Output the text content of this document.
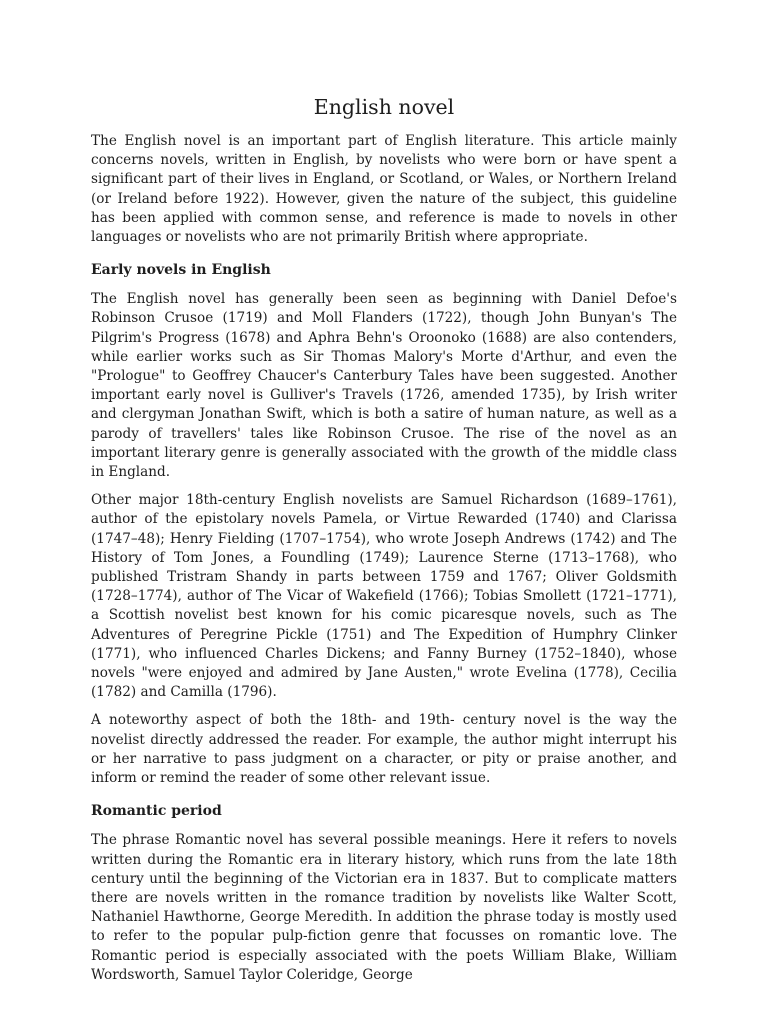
English novel

The English novel is an important part of English literature. This article mainly concerns novels, written in English, by novelists who were born or have spent a significant part of their lives in England, or Scotland, or Wales, or Northern Ireland (or Ireland before 1922). However, given the nature of the subject, this guideline has been applied with common sense, and reference is made to novels in other languages or novelists who are not primarily British where appropriate.

Early novels in English

The English novel has generally been seen as beginning with Daniel Defoe's Robinson Crusoe (1719) and Moll Flanders (1722), though John Bunyan's The Pilgrim's Progress (1678) and Aphra Behn's Oroonoko (1688) are also contenders, while earlier works such as Sir Thomas Malory's Morte d'Arthur, and even the "Prologue" to Geoffrey Chaucer's Canterbury Tales have been suggested. Another important early novel is Gulliver's Travels (1726, amended 1735), by Irish writer and clergyman Jonathan Swift, which is both a satire of human nature, as well as a parody of travellers' tales like Robinson Crusoe. The rise of the novel as an important literary genre is generally associated with the growth of the middle class in England.

Other major 18th-century English novelists are Samuel Richardson (1689–1761), author of the epistolary novels Pamela, or Virtue Rewarded (1740) and Clarissa (1747–48); Henry Fielding (1707–1754), who wrote Joseph Andrews (1742) and The History of Tom Jones, a Foundling (1749); Laurence Sterne (1713–1768), who published Tristram Shandy in parts between 1759 and 1767; Oliver Goldsmith (1728–1774), author of The Vicar of Wakefield (1766); Tobias Smollett (1721–1771), a Scottish novelist best known for his comic picaresque novels, such as The Adventures of Peregrine Pickle (1751) and The Expedition of Humphry Clinker (1771), who influenced Charles Dickens; and Fanny Burney (1752–1840), whose novels "were enjoyed and admired by Jane Austen," wrote Evelina (1778), Cecilia (1782) and Camilla (1796).

A noteworthy aspect of both the 18th- and 19th- century novel is the way the novelist directly addressed the reader. For example, the author might interrupt his or her narrative to pass judgment on a character, or pity or praise another, and inform or remind the reader of some other relevant issue.

Romantic period

The phrase Romantic novel has several possible meanings. Here it refers to novels written during the Romantic era in literary history, which runs from the late 18th century until the beginning of the Victorian era in 1837. But to complicate matters there are novels written in the romance tradition by novelists like Walter Scott, Nathaniel Hawthorne, George Meredith. In addition the phrase today is mostly used to refer to the popular pulp-fiction genre that focusses on romantic love. The Romantic period is especially associated with the poets William Blake, William Wordsworth, Samuel Taylor Coleridge, George
